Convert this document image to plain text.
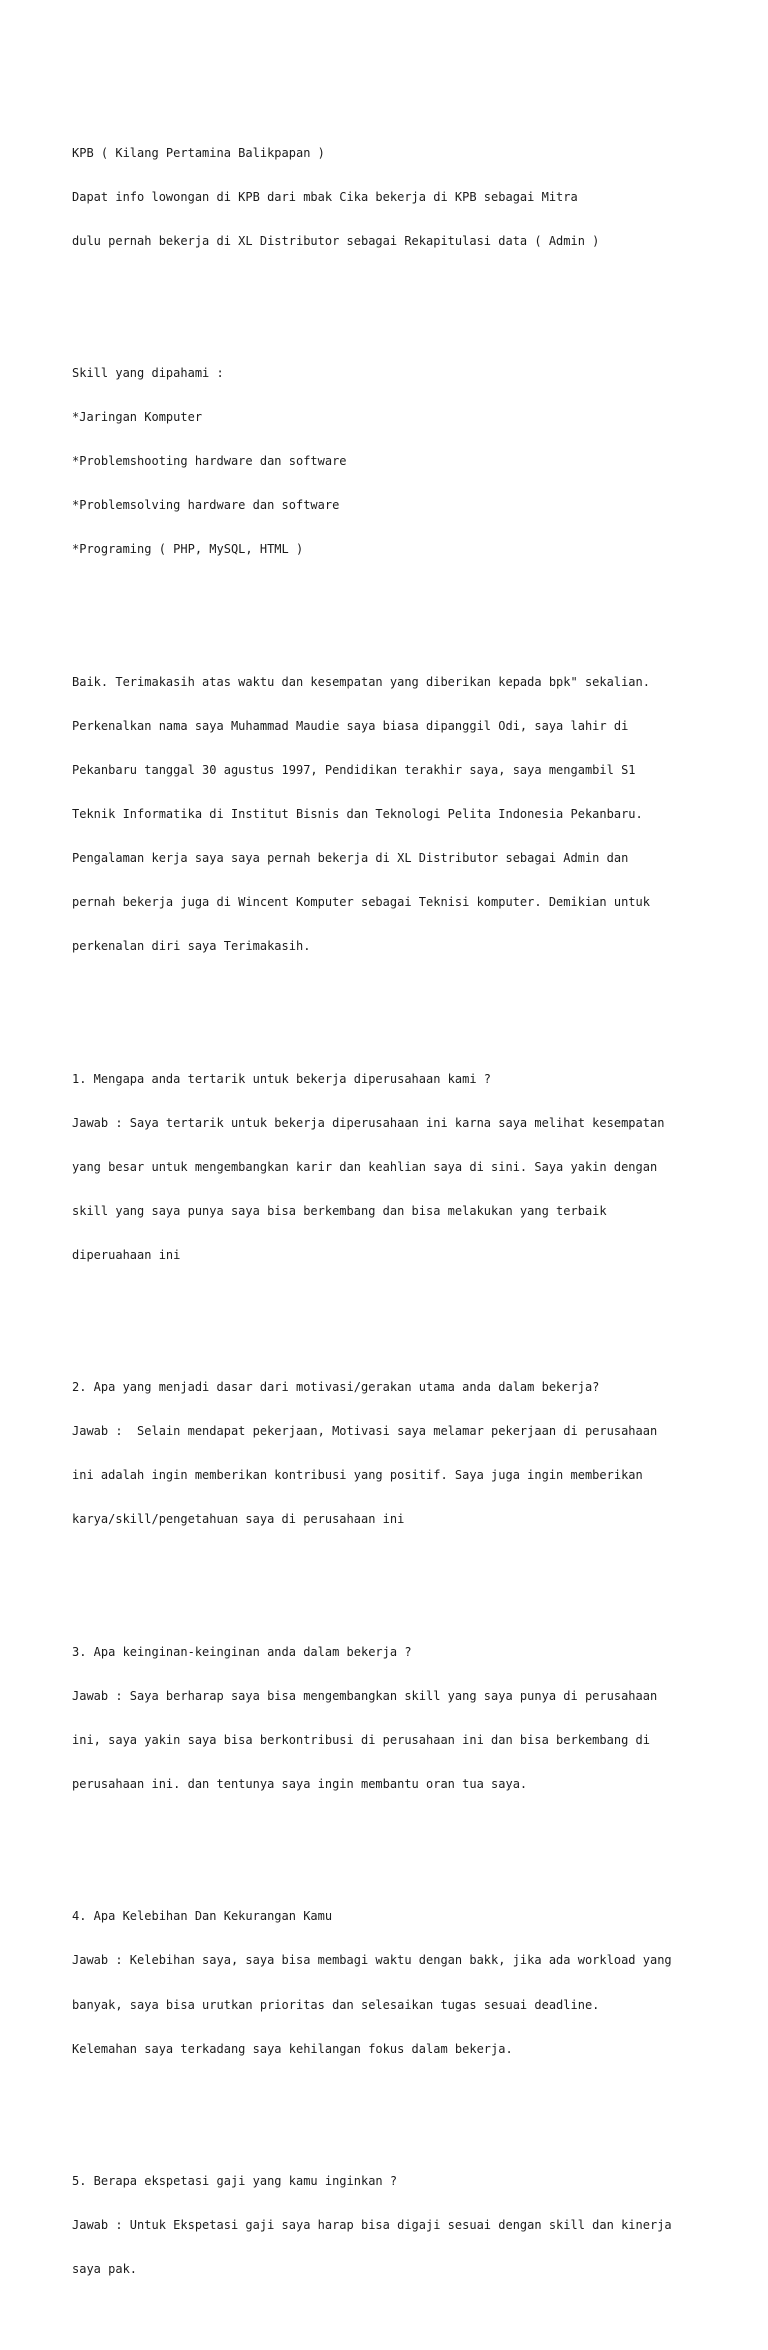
KPB ( Kilang Pertamina Balikpapan )

Dapat info lowongan di KPB dari mbak Cika bekerja di KPB sebagai Mitra

dulu pernah bekerja di XL Distributor sebagai Rekapitulasi data ( Admin )

Skill yang dipahami :

*Jaringan Komputer

*Problemshooting hardware dan software

*Problemsolving hardware dan software

*Programing ( PHP, MySQL, HTML )

Baik. Terimakasih atas waktu dan kesempatan yang diberikan kepada bpk" sekalian.

Perkenalkan nama saya Muhammad Maudie saya biasa dipanggil Odi, saya lahir di

Pekanbaru tanggal 30 agustus 1997, Pendidikan terakhir saya, saya mengambil S1

Teknik Informatika di Institut Bisnis dan Teknologi Pelita Indonesia Pekanbaru.

Pengalaman kerja saya saya pernah bekerja di XL Distributor sebagai Admin dan

pernah bekerja juga di Wincent Komputer sebagai Teknisi komputer. Demikian untuk

perkenalan diri saya Terimakasih.

1. Mengapa anda tertarik untuk bekerja diperusahaan kami ?

Jawab : Saya tertarik untuk bekerja diperusahaan ini karna saya melihat kesempatan

yang besar untuk mengembangkan karir dan keahlian saya di sini. Saya yakin dengan

skill yang saya punya saya bisa berkembang dan bisa melakukan yang terbaik

diperuahaan ini

2. Apa yang menjadi dasar dari motivasi/gerakan utama anda dalam bekerja?

Jawab :  Selain mendapat pekerjaan, Motivasi saya melamar pekerjaan di perusahaan

ini adalah ingin memberikan kontribusi yang positif. Saya juga ingin memberikan

karya/skill/pengetahuan saya di perusahaan ini

3. Apa keinginan-keinginan anda dalam bekerja ?

Jawab : Saya berharap saya bisa mengembangkan skill yang saya punya di perusahaan

ini, saya yakin saya bisa berkontribusi di perusahaan ini dan bisa berkembang di

perusahaan ini. dan tentunya saya ingin membantu oran tua saya.

4. Apa Kelebihan Dan Kekurangan Kamu

Jawab : Kelebihan saya, saya bisa membagi waktu dengan bakk, jika ada workload yang

banyak, saya bisa urutkan prioritas dan selesaikan tugas sesuai deadline.

Kelemahan saya terkadang saya kehilangan fokus dalam bekerja.

5. Berapa ekspetasi gaji yang kamu inginkan ?

Jawab : Untuk Ekspetasi gaji saya harap bisa digaji sesuai dengan skill dan kinerja

saya pak.
